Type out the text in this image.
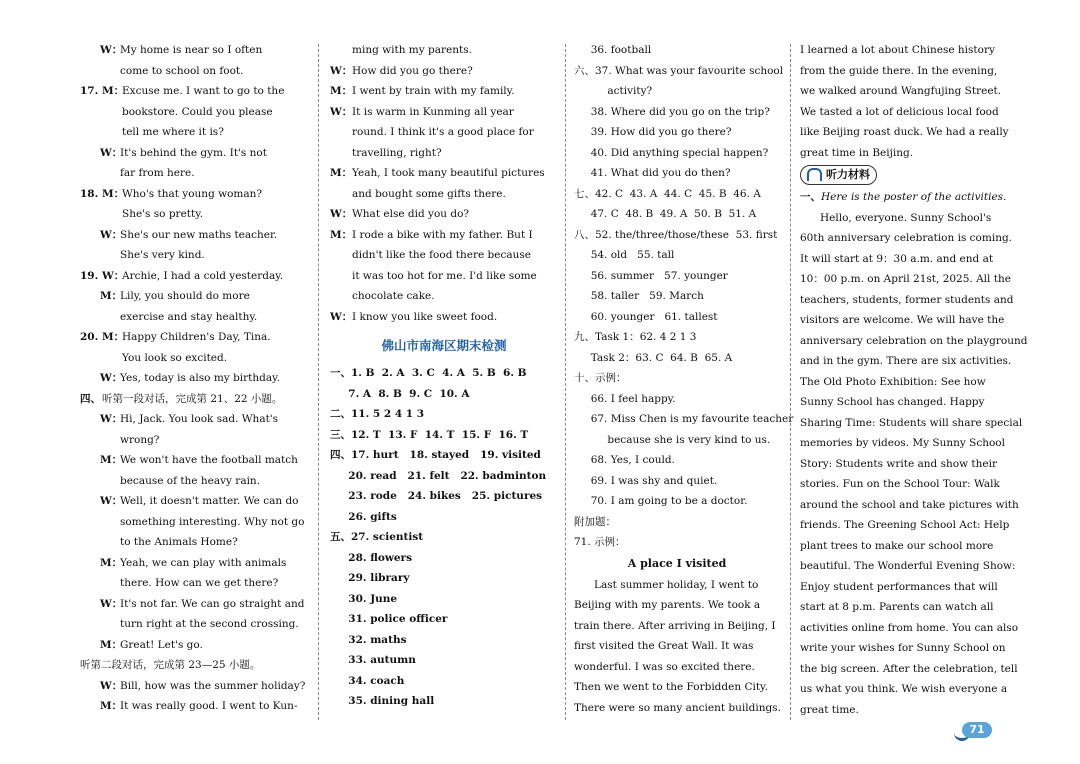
W：
My home is near so I often
come to school on foot.
17. M：
Excuse me. I want to go to the
bookstore. Could you please
tell me where it is?
W：
It's behind the gym. It's not
far from here.
18. M：
Who's that young woman?
She's so pretty.
W：
She's our new maths teacher.
She's very kind.
19. W：
Archie, I had a cold yesterday.
M：
Lily, you should do more
exercise and stay healthy.
20. M：
Happy Children's Day, Tina.
You look so excited.
W：
Yes, today is also my birthday.
四、 听第一段对话，完成第 21、22 小题。
W：
Hi, Jack. You look sad. What's
wrong?
M：
We won't have the football match
because of the heavy rain.
W：
Well, it doesn't matter. We can do
something interesting. Why not go
to the Animals Home?
M：
Yeah, we can play with animals
there. How can we get there?
W：
It's not far. We can go straight and
turn right at the second crossing.
M：
Great! Let's go.
听第二段对话，完成第 23—25 小题。
W：
Bill, how was the summer holiday?
M：
It was really good. I went to Kun-
ming with my parents.
W： How did you go there?
M： I went by train with my family.
W： It is warm in Kunming all year
round. I think it's a good place for
travelling, right?
M： Yeah, I took many beautiful pictures
and bought some gifts there.
W： What else did you do?
M： I rode a bike with my father. But I
didn't like the food there because
it was too hot for me. I'd like some
chocolate cake.
W： I know you like sweet food.
佛山市南海区期末检测
一、1. B  2. A  3. C  4. A  5. B  6. B
7. A  8. B  9. C  10. A
二、11. 5 2 4 1 3
三、12. T  13. F  14. T  15. F  16. T
四、17. hurt   18. stayed   19. visited
20. read   21. felt   22. badminton
23. rode   24. bikes   25. pictures
26. gifts
五、27. scientist
28. flowers
29. library
30. June
31. police officer
32. maths
33. autumn
34. coach
35. dining hall
36. football
六、37. What was your favourite school
activity?
38. Where did you go on the trip?
39. How did you go there?
40. Did anything special happen?
41. What did you do then?
七、42. C  43. A  44. C  45. B  46. A
47. C  48. B  49. A  50. B  51. A
八、52. the/three/those/these  53. first
54. old   55. tall
56. summer   57. younger
58. taller   59. March
60. younger   61. tallest
九、Task 1：62. 4 2 1 3
Task 2：63. C  64. B  65. A
十、示例：
66. I feel happy.
67. Miss Chen is my favourite teacher
because she is very kind to us.
68. Yes, I could.
69. I was shy and quiet.
70. I am going to be a doctor.
附加题：
71. 示例：
A place I visited
Last summer holiday, I went to
Beijing with my parents. We took a
train there. After arriving in Beijing, I
first visited the Great Wall. It was
wonderful. I was so excited there.
Then we went to the Forbidden City.
There were so many ancient buildings.
I learned a lot about Chinese history
from the guide there. In the evening,
we walked around Wangfujing Street.
We tasted a lot of delicious local food
like Beijing roast duck. We had a really
great time in Beijing.
听力材料
一、Here is the poster of the activities.
Hello, everyone. Sunny School's
60th anniversary celebration is coming.
It will start at 9：30 a.m. and end at
10：00 p.m. on April 21st, 2025. All the
teachers, students, former students and
visitors are welcome. We will have the
anniversary celebration on the playground
and in the gym. There are six activities.
The Old Photo Exhibition: See how
Sunny School has changed. Happy
Sharing Time: Students will share special
memories by videos. My Sunny School
Story: Students write and show their
stories. Fun on the School Tour: Walk
around the school and take pictures with
friends. The Greening School Act: Help
plant trees to make our school more
beautiful. The Wonderful Evening Show:
Enjoy student performances that will
start at 8 p.m. Parents can watch all
activities online from home. You can also
write your wishes for Sunny School on
the big screen. After the celebration, tell
us what you think. We wish everyone a
great time.
71
